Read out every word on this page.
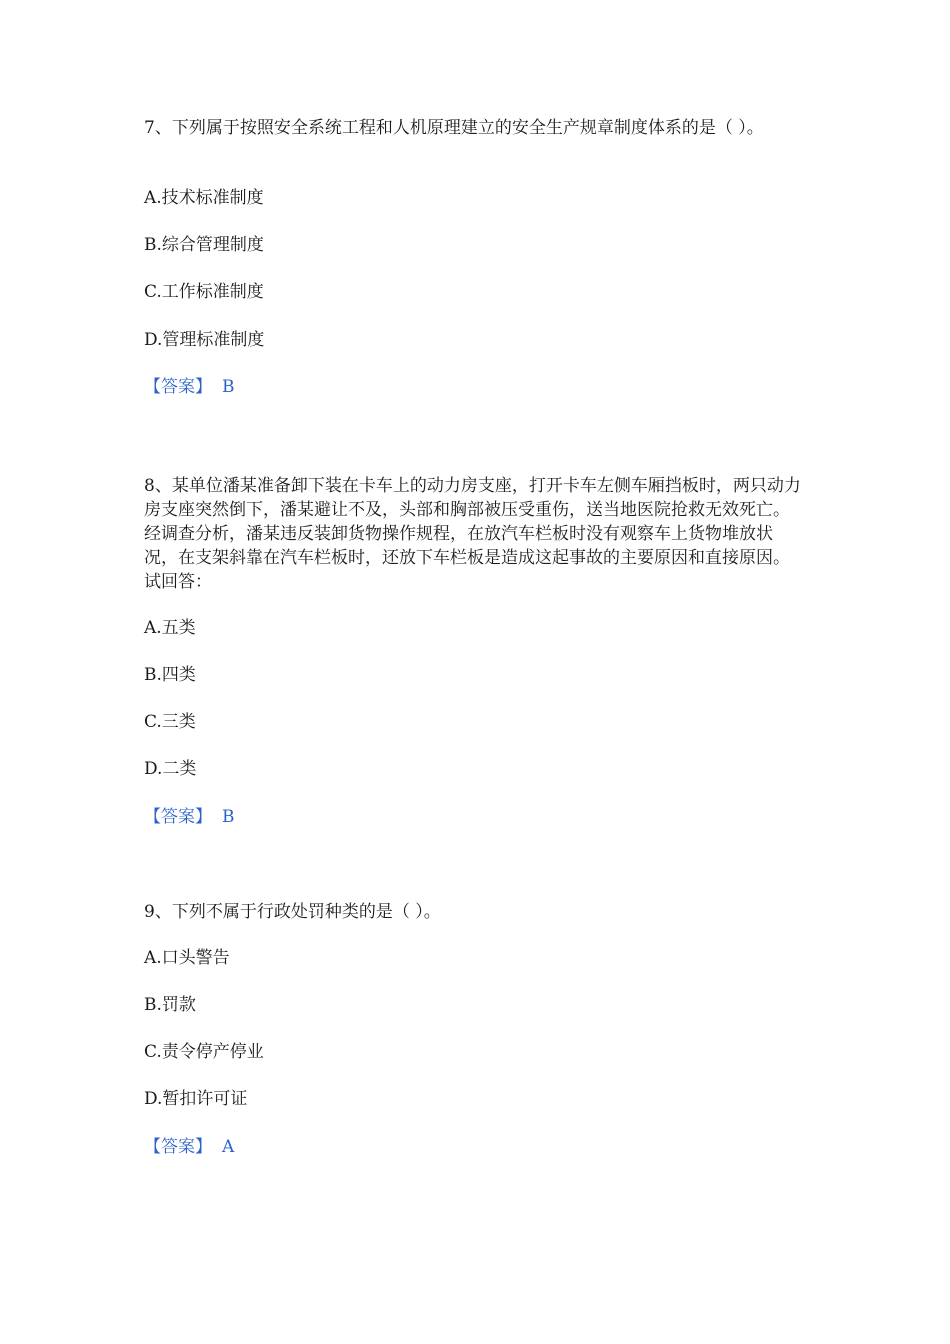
7、下列属于按照安全系统工程和人机原理建立的安全生产规章制度体系的是（ ）。

A.技术标准制度

B.综合管理制度

C.工作标准制度

D.管理标准制度

【答案】 B

8、某单位潘某准备卸下装在卡车上的动力房支座，打开卡车左侧车厢挡板时，两只动力房支座突然倒下，潘某避让不及，头部和胸部被压受重伤，送当地医院抢救无效死亡。经调查分析，潘某违反装卸货物操作规程，在放汽车栏板时没有观察车上货物堆放状况，在支架斜靠在汽车栏板时，还放下车栏板是造成这起事故的主要原因和直接原因。试回答：

A.五类

B.四类

C.三类

D.二类

【答案】 B

9、下列不属于行政处罚种类的是（ ）。

A.口头警告

B.罚款

C.责令停产停业

D.暂扣许可证

【答案】 A
